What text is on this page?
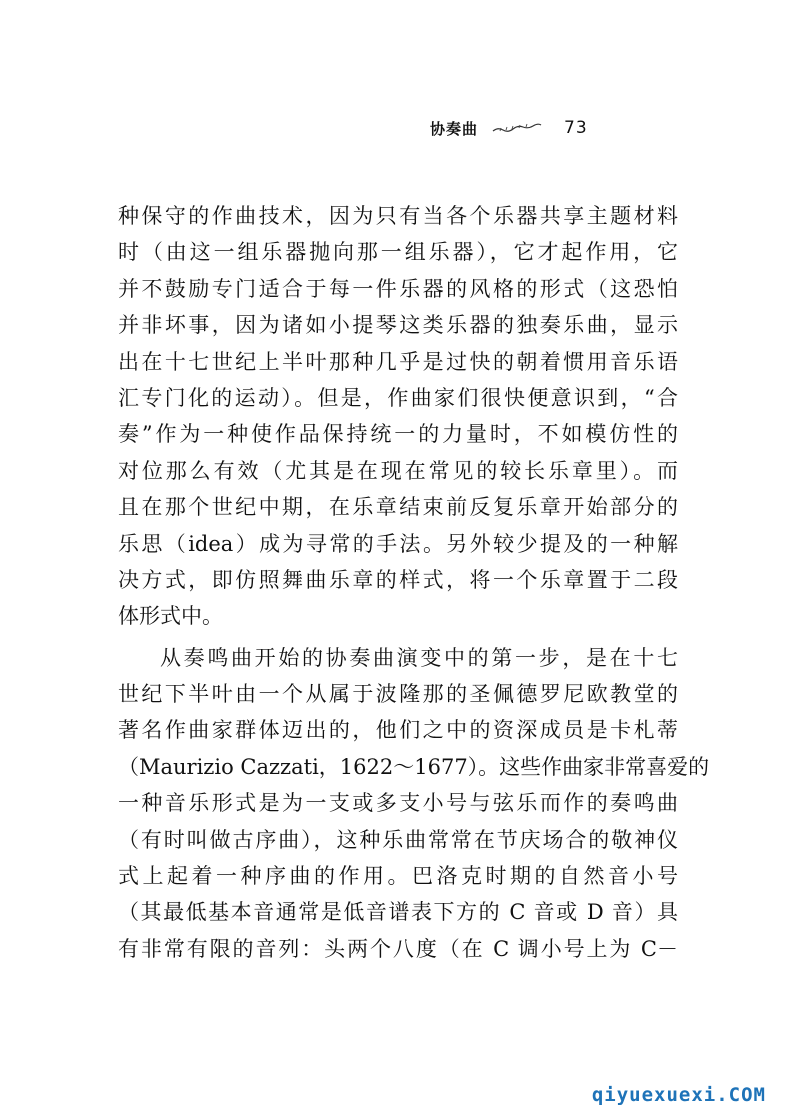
协奏曲	73
种保守的作曲技术，因为只有当各个乐器共享主题材料
时（由这一组乐器抛向那一组乐器），它才起作用，它
并不鼓励专门适合于每一件乐器的风格的形式（这恐怕
并非坏事，因为诸如小提琴这类乐器的独奏乐曲，显示
出在十七世纪上半叶那种几乎是过快的朝着惯用音乐语
汇专门化的运动）。但是，作曲家们很快便意识到，“合
奏”作为一种使作品保持统一的力量时，不如模仿性的
对位那么有效（尤其是在现在常见的较长乐章里）。而
且在那个世纪中期，在乐章结束前反复乐章开始部分的
乐思（idea）成为寻常的手法。另外较少提及的一种解
决方式，即仿照舞曲乐章的样式，将一个乐章置于二段
体形式中。
从奏鸣曲开始的协奏曲演变中的第一步，是在十七
世纪下半叶由一个从属于波隆那的圣佩德罗尼欧教堂的
著名作曲家群体迈出的，他们之中的资深成员是卡札蒂
（Maurizio Cazzati，1622～1677）。这些作曲家非常喜爱的
一种音乐形式是为一支或多支小号与弦乐而作的奏鸣曲
（有时叫做古序曲），这种乐曲常常在节庆场合的敬神仪
式上起着一种序曲的作用。巴洛克时期的自然音小号
（其最低基本音通常是低音谱表下方的 C 音或 D 音）具
有非常有限的音列：头两个八度（在 C 调小号上为 C－
qiyuexuexi.COM
